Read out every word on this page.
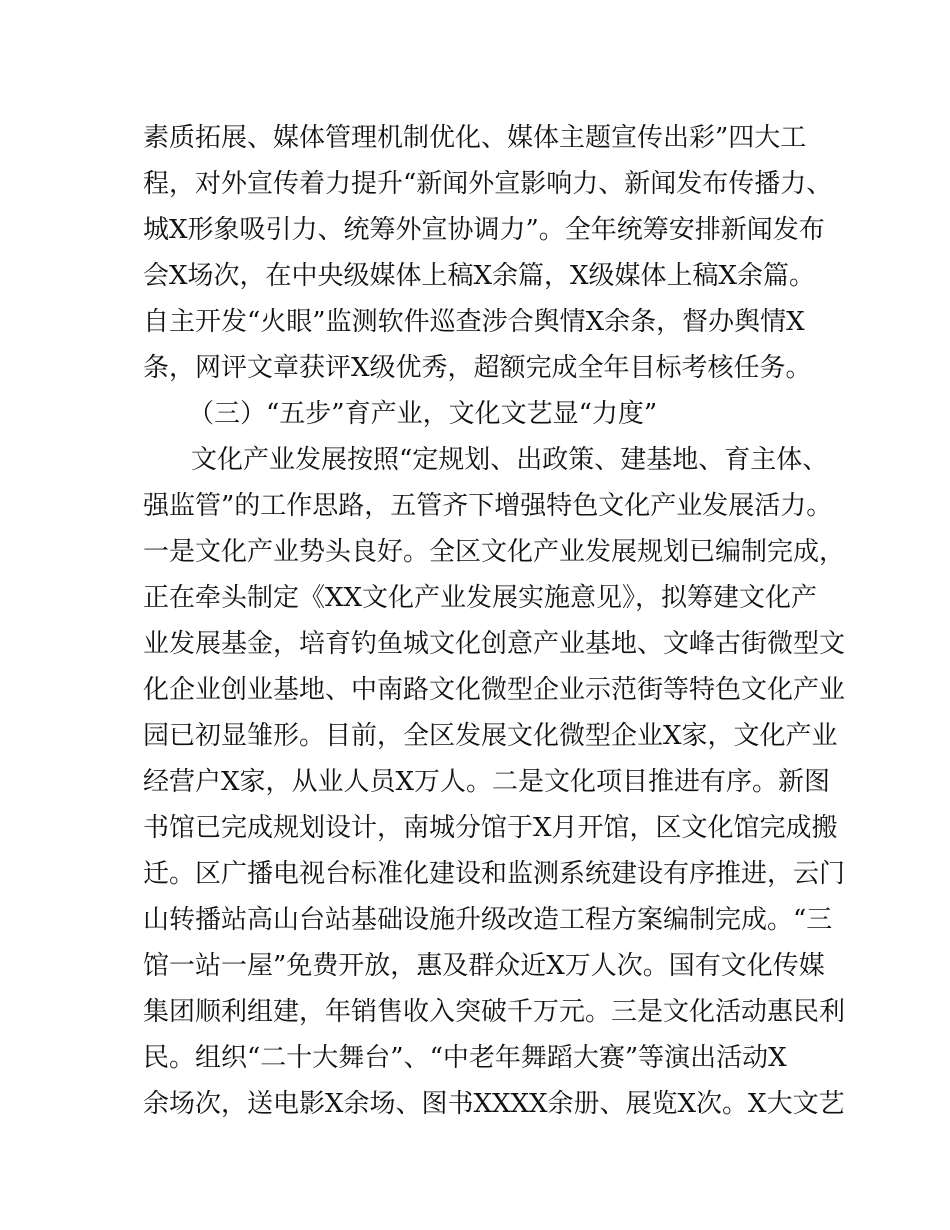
素质拓展、媒体管理机制优化、媒体主题宣传出彩”四大工
程，对外宣传着力提升“新闻外宣影响力、新闻发布传播力、
城X形象吸引力、统筹外宣协调力”。全年统筹安排新闻发布
会X场次，在中央级媒体上稿X余篇，X级媒体上稿X余篇。
自主开发“火眼”监测软件巡查涉合舆情X余条，督办舆情X
条，网评文章获评X级优秀，超额完成全年目标考核任务。
（三）“五步”育产业，文化文艺显“力度”
文化产业发展按照“定规划、出政策、建基地、育主体、
强监管”的工作思路，五管齐下增强特色文化产业发展活力。
一是文化产业势头良好。全区文化产业发展规划已编制完成，
正在牵头制定《XX文化产业发展实施意见》，拟筹建文化产
业发展基金，培育钓鱼城文化创意产业基地、文峰古街微型文
化企业创业基地、中南路文化微型企业示范街等特色文化产业
园已初显雏形。目前，全区发展文化微型企业X家，文化产业
经营户X家，从业人员X万人。二是文化项目推进有序。新图
书馆已完成规划设计，南城分馆于X月开馆，区文化馆完成搬
迁。区广播电视台标准化建设和监测系统建设有序推进，云门
山转播站高山台站基础设施升级改造工程方案编制完成。“三
馆一站一屋”免费开放，惠及群众近X万人次。国有文化传媒
集团顺利组建，年销售收入突破千万元。三是文化活动惠民利
民。组织“二十大舞台”、“中老年舞蹈大赛”等演出活动X
余场次，送电影X余场、图书XXXX余册、展览X次。X大文艺
